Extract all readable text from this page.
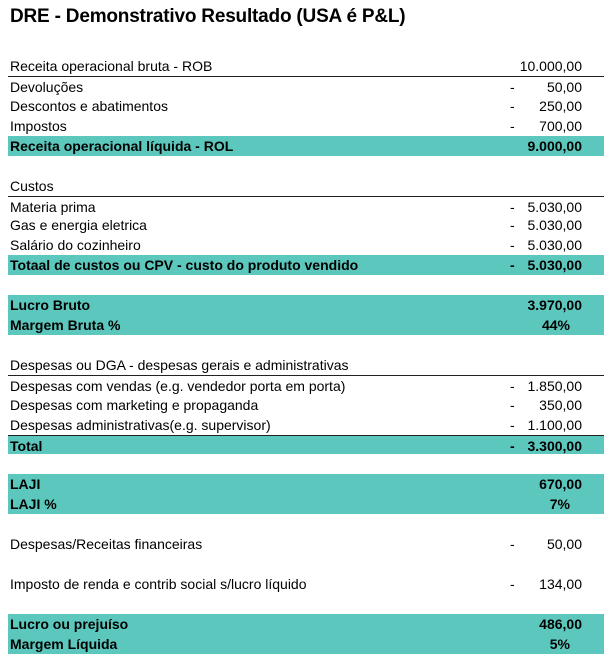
DRE - Demonstrativo Resultado (USA é P&L)
Receita operacional bruta - ROB	10.000,00
Devoluções	- 50,00
Descontos e abatimentos	- 250,00
Impostos	- 700,00
Receita operacional líquida - ROL	9.000,00
Custos
Materia prima	- 5.030,00
Gas e energia eletrica	- 5.030,00
Salário do cozinheiro	- 5.030,00
Totaal de custos ou CPV - custo do produto vendido	- 5.030,00
Lucro Bruto	3.970,00
Margem Bruta %	44%
Despesas ou DGA - despesas gerais e administrativas
Despesas com vendas (e.g. vendedor porta em porta)	- 1.850,00
Despesas com marketing e propaganda	- 350,00
Despesas administrativas(e.g. supervisor)	- 1.100,00
Total	- 3.300,00
LAJI	670,00
LAJI %	7%
Despesas/Receitas financeiras	- 50,00
Imposto de renda e contrib social s/lucro líquido	- 134,00
Lucro ou prejuíso	486,00
Margem Líquida	5%
